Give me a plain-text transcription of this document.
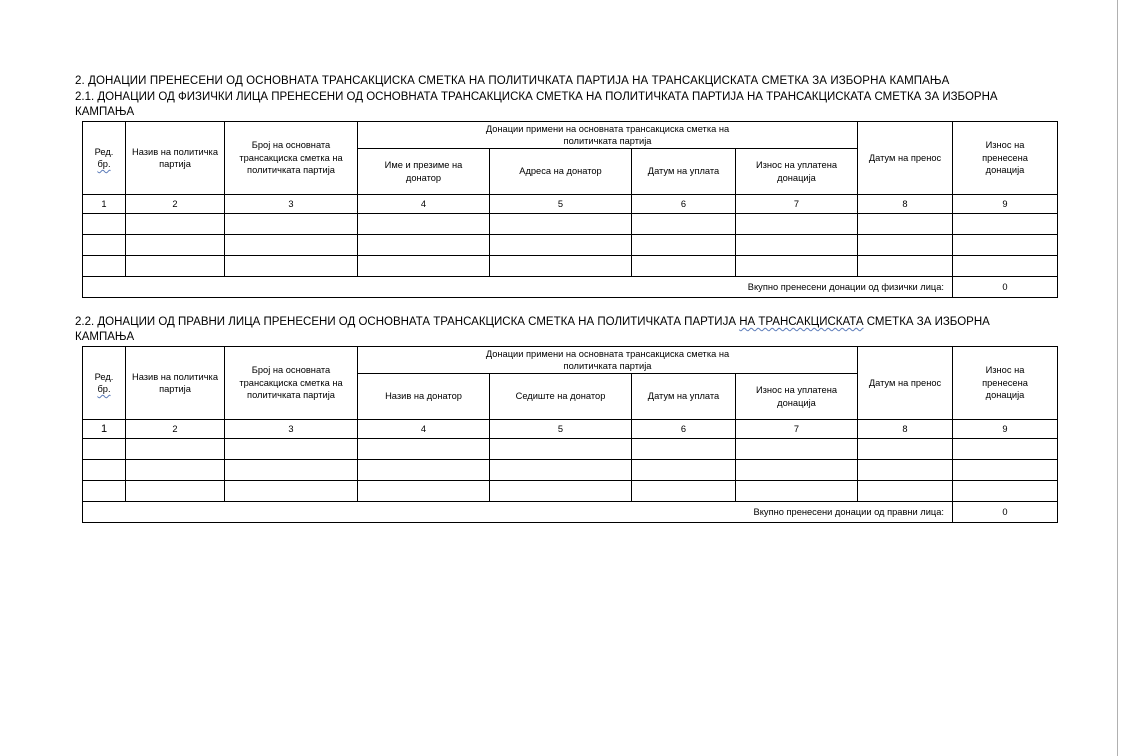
2. ДОНАЦИИ ПРЕНЕСЕНИ ОД ОСНОВНАТА ТРАНСАКЦИСКА СМЕТКА НА ПОЛИТИЧКАТА ПАРТИЈА НА ТРАНСАКЦИСКАТА СМЕТКА ЗА ИЗБОРНА КАМПАЊА
2.1. ДОНАЦИИ ОД ФИЗИЧКИ ЛИЦА ПРЕНЕСЕНИ ОД ОСНОВНАТА ТРАНСАКЦИСКА СМЕТКА НА ПОЛИТИЧКАТА ПАРТИЈА НА ТРАНСАКЦИСКАТА СМЕТКА ЗА ИЗБОРНА
КАМПАЊА
Ред.
бр.	Назив на политичка партија	Број на основната трансакциска сметка на политичката партија	Донации примени на основната трансакциска сметка на политичката партија				Датум на пренос	Износ на пренесена донација
			Име и презиме на донатор	Адреса на донатор	Датум на уплата	Износ на уплатена донација		
1	2	3	4	5	6	7	8	9

Вкупно пренесени донации од физички лица:								0
2.2. ДОНАЦИИ ОД ПРАВНИ ЛИЦА ПРЕНЕСЕНИ ОД ОСНОВНАТА ТРАНСАКЦИСКА СМЕТКА НА ПОЛИТИЧКАТА ПАРТИЈА НА ТРАНСАКЦИСКАТА СМЕТКА ЗА ИЗБОРНА
КАМПАЊА
Ред.
бр.	Назив на политичка партија	Број на основната трансакциска сметка на политичката партија	Донации примени на основната трансакциска сметка на политичката партија				Датум на пренос	Износ на пренесена донација
			Назив на донатор	Седиште на донатор	Датум на уплата	Износ на уплатена донација		
1	2	3	4	5	6	7	8	9

Вкупно пренесени донации од правни лица:								0
